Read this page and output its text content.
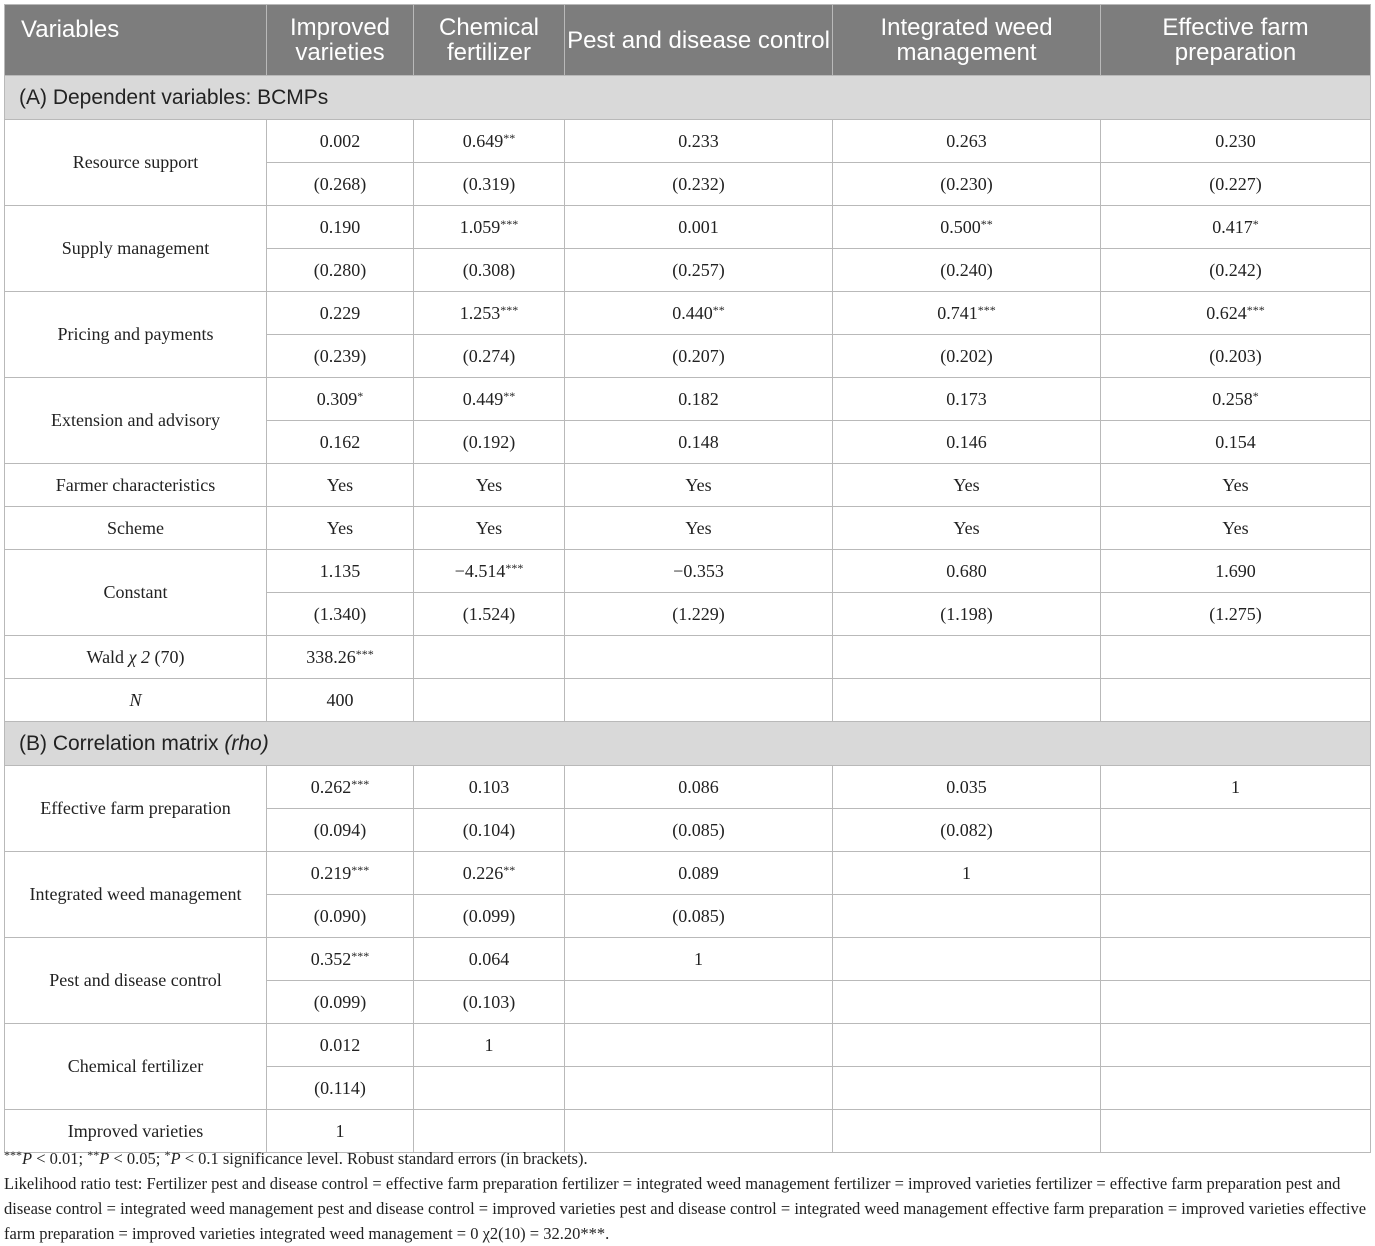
Variables	Improved varieties	Chemical fertilizer	Pest and disease control	Integrated weed management	Effective farm preparation
(A) Dependent variables: BCMPs					
Resource support	0.002	0.649**	0.233	0.263	0.230
	(0.268)	(0.319)	(0.232)	(0.230)	(0.227)
Supply management	0.190	1.059***	0.001	0.500**	0.417*
	(0.280)	(0.308)	(0.257)	(0.240)	(0.242)
Pricing and payments	0.229	1.253***	0.440**	0.741***	0.624***
	(0.239)	(0.274)	(0.207)	(0.202)	(0.203)
Extension and advisory	0.309*	0.449**	0.182	0.173	0.258*
	0.162	(0.192)	0.148	0.146	0.154
Farmer characteristics	Yes	Yes	Yes	Yes	Yes
Scheme	Yes	Yes	Yes	Yes	Yes
Constant	1.135	−4.514***	−0.353	0.680	1.690
	(1.340)	(1.524)	(1.229)	(1.198)	(1.275)
Wald χ 2 (70)	338.26***				
N	400				
(B) Correlation matrix (rho)					
Effective farm preparation	0.262***	0.103	0.086	0.035	1
	(0.094)	(0.104)	(0.085)	(0.082)	
Integrated weed management	0.219***	0.226**	0.089	1	
	(0.090)	(0.099)	(0.085)		
Pest and disease control	0.352***	0.064	1		
	(0.099)	(0.103)			
Chemical fertilizer	0.012	1			
	(0.114)				
Improved varieties	1				

***P < 0.01; **P < 0.05; *P < 0.1 significance level. Robust standard errors (in brackets).

Likelihood ratio test: Fertilizer pest and disease control = effective farm preparation fertilizer = integrated weed management fertilizer = improved varieties fertilizer = effective farm preparation pest and disease control = integrated weed management pest and disease control = improved varieties pest and disease control = integrated weed management effective farm preparation = improved varieties effective farm preparation = improved varieties integrated weed management = 0 χ2(10) = 32.20***.
